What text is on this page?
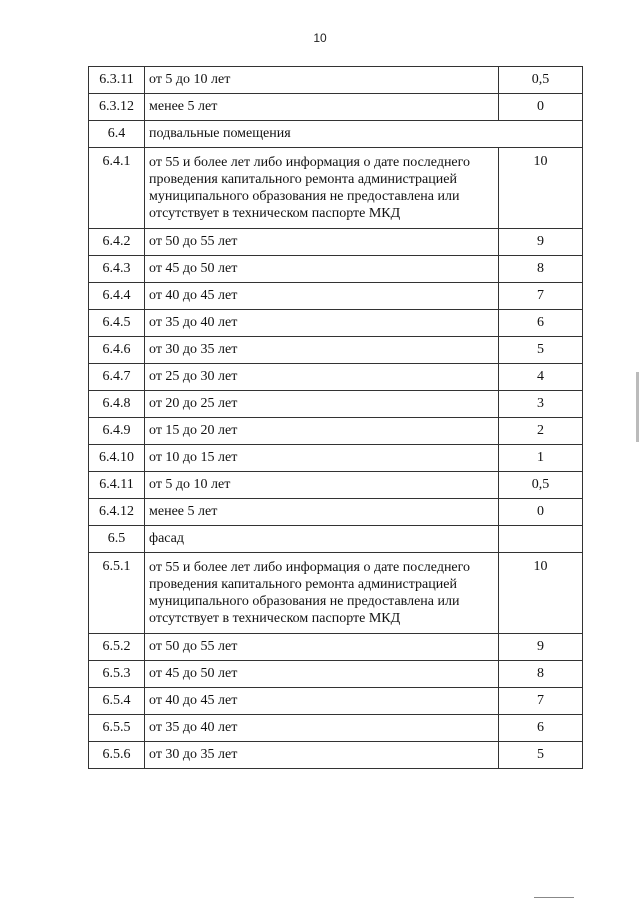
10
6.3.11	от 5 до 10 лет	0,5
6.3.12	менее 5 лет	0
6.4	подвальные помещения	
6.4.1	от 55 и более лет либо информация о дате последнего проведения капитального ремонта администрацией муниципального образования не предоставлена или отсутствует в техническом паспорте МКД	10
6.4.2	от 50 до 55 лет	9
6.4.3	от 45 до 50 лет	8
6.4.4	от 40 до 45 лет	7
6.4.5	от 35 до 40 лет	6
6.4.6	от 30 до 35 лет	5
6.4.7	от 25 до 30 лет	4
6.4.8	от 20 до 25 лет	3
6.4.9	от 15 до 20 лет	2
6.4.10	от 10 до 15 лет	1
6.4.11	от 5 до 10 лет	0,5
6.4.12	менее 5 лет	0
6.5	фасад	
6.5.1	от 55 и более лет либо информация о дате последнего проведения капитального ремонта администрацией муниципального образования не предоставлена или отсутствует в техническом паспорте МКД	10
6.5.2	от 50 до 55 лет	9
6.5.3	от 45 до 50 лет	8
6.5.4	от 40 до 45 лет	7
6.5.5	от 35 до 40 лет	6
6.5.6	от 30 до 35 лет	5
